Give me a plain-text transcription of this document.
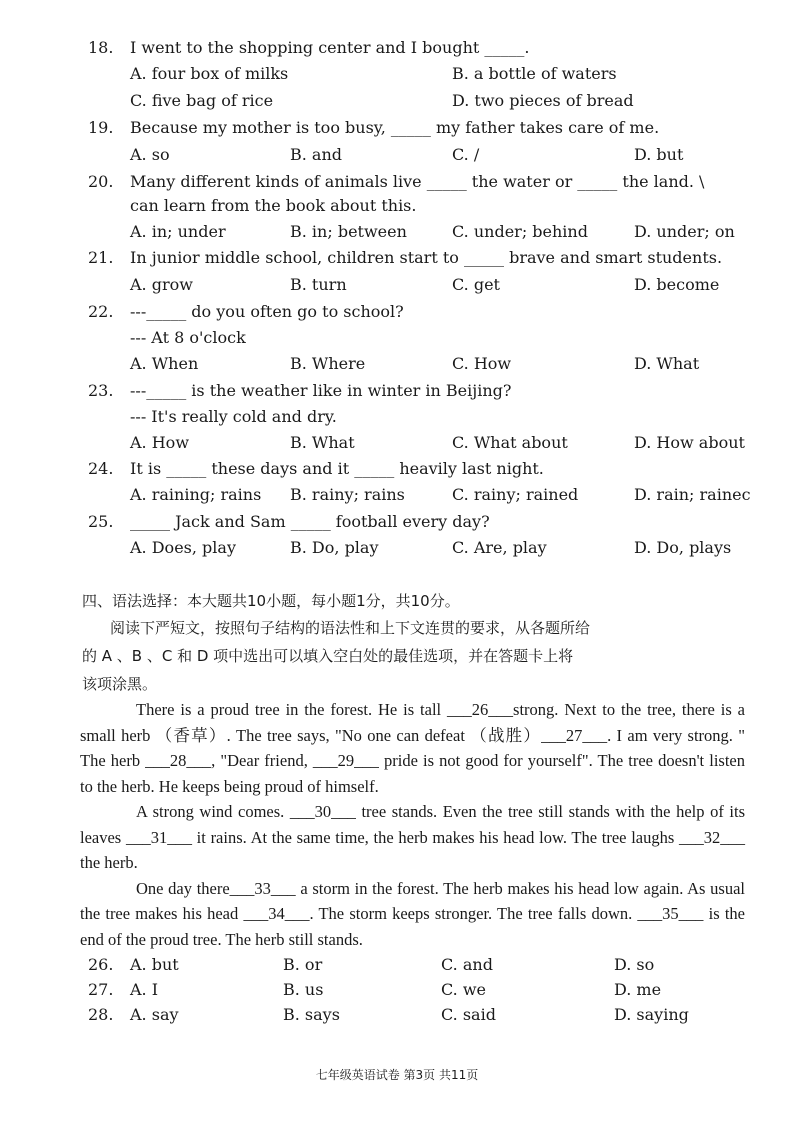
18.	I went to the shopping center and I bought _____.
A. four box of milks	B. a bottle of waters
C. five bag of rice	D. two pieces of bread
19.	Because my mother is too busy, _____ my father takes care of me.
A. so	B. and	C. /	D. but
20.	Many different kinds of animals live _____ the water or _____ the land. \
can learn from the book about this.
A. in; under	B. in; between	C. under; behind	D. under; on
21.	In junior middle school, children start to _____ brave and smart students.
A. grow	B. turn	C. get	D. become
22.	---_____ do you often go to school?
--- At 8 o'clock
A. When	B. Where	C. How	D. What
23.	---_____ is the weather like in winter in Beijing?
--- It's really cold and dry.
A. How	B. What	C. What about	D. How about
24.	It is _____ these days and it _____ heavily last night.
A. raining; rains B. rainy; rains	C. rainy; rained	D. rain; rainec
25.	_____ Jack and Sam _____ football every day?
A. Does, play	B. Do, play	C. Are, play	D. Do, plays
四、语法选择：本大题共10小题，每小题1分，共10分。
阅读下严短文，按照句子结构的语法性和上下文连贯的要求，从各题所给
的 A 、B 、C 和 D 项中选出可以填入空白处的最佳选项，并在答题卡上将
该项涂黑。

There is a proud tree in the forest. He is tall ___26___strong. Next to the tree, there is a small herb （香草）. The tree says, "No one can defeat （战胜）___27___. I am very strong. " The herb ___28___, "Dear friend, ___29___ pride is not good for yourself". The tree doesn't listen to the herb. He keeps being proud of himself.

A strong wind comes. ___30___ tree stands. Even the tree still stands with the help of its leaves ___31___ it rains. At the same time, the herb makes his head low. The tree laughs ___32___ the herb.

One day there___33___ a storm in the forest. The herb makes his head low again. As usual the tree makes his head ___34___. The storm keeps stronger. The tree falls down. ___35___ is the end of the proud tree. The herb still stands.

26.	A. but	B. or	C. and	D. so
27.	A. I	B. us	C. we	D. me
28.	A. say	B. says	C. said	D. saying
七年级英语试卷 第3页 共11页
